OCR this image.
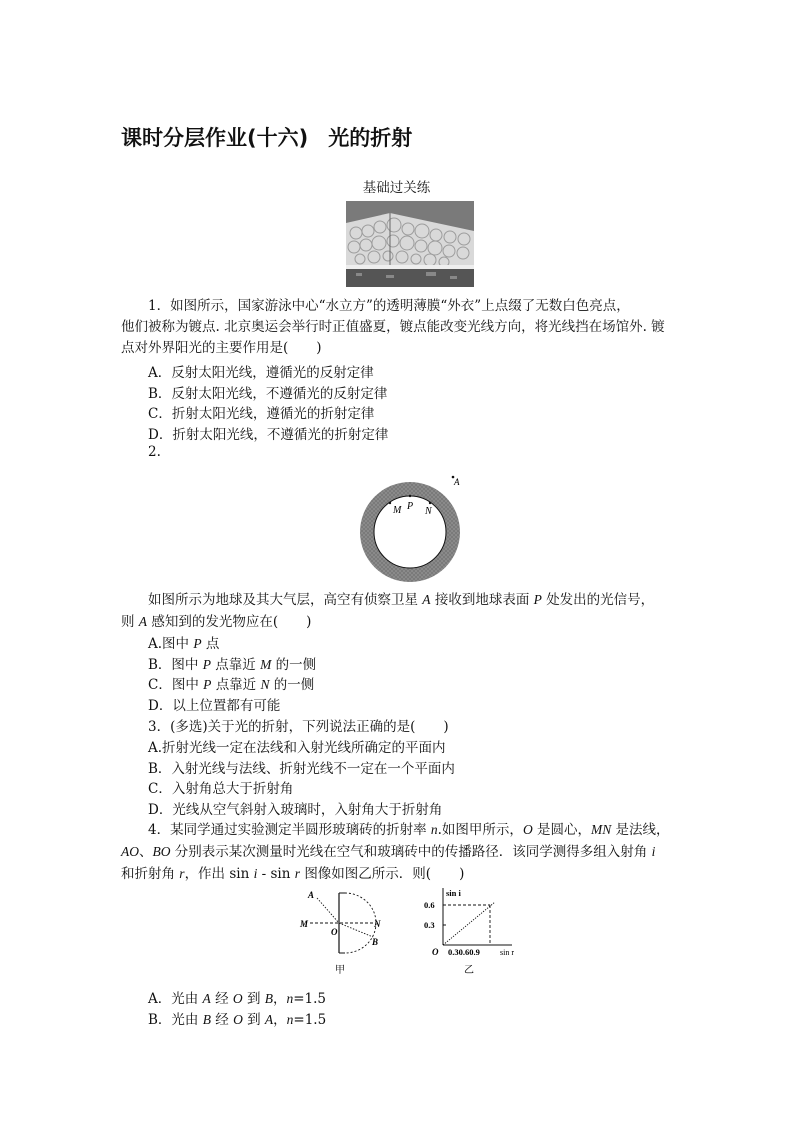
课时分层作业(十六) 光的折射
基础过关练
1．如图所示，国家游泳中心“水立方”的透明薄膜“外衣”上点缀了无数白色亮点，
他们被称为镀点. 北京奥运会举行时正值盛夏，镀点能改变光线方向，将光线挡在场馆外. 镀
点对外界阳光的主要作用是( )
A．反射太阳光线，遵循光的反射定律
B．反射太阳光线，不遵循光的反射定律
C．折射太阳光线，遵循光的折射定律
D．折射太阳光线，不遵循光的折射定律
2.
A
M P N
如图所示为地球及其大气层，高空有侦察卫星 A 接收到地球表面 P 处发出的光信号，
则 A 感知到的发光物应在( )
A.图中 P 点
B．图中 P 点靠近 M 的一侧
C．图中 P 点靠近 N 的一侧
D．以上位置都有可能
3．(多选)关于光的折射，下列说法正确的是( )
A.折射光线一定在法线和入射光线所确定的平面内
B．入射光线与法线、折射光线不一定在一个平面内
C．入射角总大于折射角
D．光线从空气斜射入玻璃时，入射角大于折射角
4．某同学通过实验测定半圆形玻璃砖的折射率 n.如图甲所示，O 是圆心，MN 是法线，
AO、BO 分别表示某次测量时光线在空气和玻璃砖中的传播路径．该同学测得多组入射角 i
和折射角 r，作出 sin i - sin r 图像如图乙所示．则( )
A
M	N
O
B
甲
sin i
0.6
0.3
O 0.30.60.9	sin r
乙
A．光由 A 经 O 到 B，n=1.5
B．光由 B 经 O 到 A，n=1.5
